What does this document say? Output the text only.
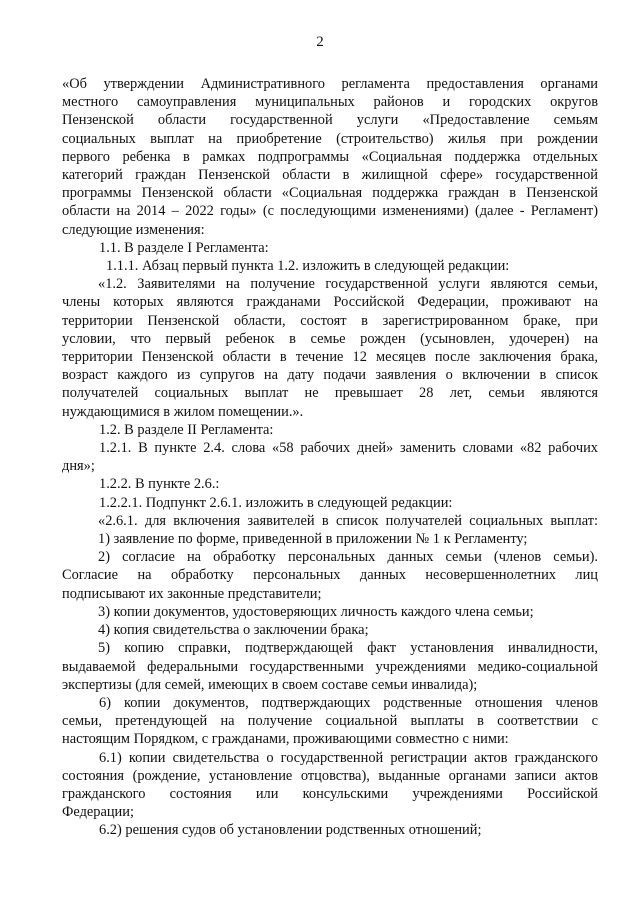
2

«Об утверждении Административного регламента предоставления органами

местного самоуправления муниципальных районов и городских округов

Пензенской области государственной услуги «Предоставление семьям

социальных выплат на приобретение (строительство) жилья при рождении

первого ребенка в рамках подпрограммы «Социальная поддержка отдельных

категорий граждан Пензенской области в жилищной сфере» государственной

программы Пензенской области «Социальная поддержка граждан в Пензенской

области на 2014 – 2022 годы» (с последующими изменениями) (далее - Регламент)

следующие изменения:

1.1. В разделе I Регламента:

1.1.1. Абзац первый пункта 1.2. изложить в следующей редакции:

«1.2. Заявителями на получение государственной услуги являются семьи,

члены которых являются гражданами Российской Федерации, проживают на

территории Пензенской области, состоят в зарегистрированном браке, при

условии, что первый ребенок в семье рожден (усыновлен, удочерен) на

территории Пензенской области в течение 12 месяцев после заключения брака,

возраст каждого из супругов на дату подачи заявления о включении в список

получателей социальных выплат не превышает 28 лет, семьи являются

нуждающимися в жилом помещении.».

1.2. В разделе II Регламента:

1.2.1. В пункте 2.4. слова «58 рабочих дней» заменить словами «82 рабочих

дня»;

1.2.2. В пункте 2.6.:

1.2.2.1. Подпункт 2.6.1. изложить в следующей редакции:

«2.6.1. для включения заявителей в список получателей социальных выплат:

1) заявление по форме, приведенной в приложении № 1 к Регламенту;

2) согласие на обработку персональных данных семьи (членов семьи).

Согласие на обработку персональных данных несовершеннолетних лиц

подписывают их законные представители;

3) копии документов, удостоверяющих личность каждого члена семьи;

4) копия свидетельства о заключении брака;

5) копию справки, подтверждающей факт установления инвалидности,

выдаваемой федеральными государственными учреждениями медико-социальной

экспертизы (для семей, имеющих в своем составе семьи инвалида);

6) копии документов, подтверждающих родственные отношения членов

семьи, претендующей на получение социальной выплаты в соответствии с

настоящим Порядком, с гражданами, проживающими совместно с ними:

6.1) копии свидетельства о государственной регистрации актов гражданского

состояния (рождение, установление отцовства), выданные органами записи актов

гражданского состояния или консульскими учреждениями Российской

Федерации;

6.2) решения судов об установлении родственных отношений;
